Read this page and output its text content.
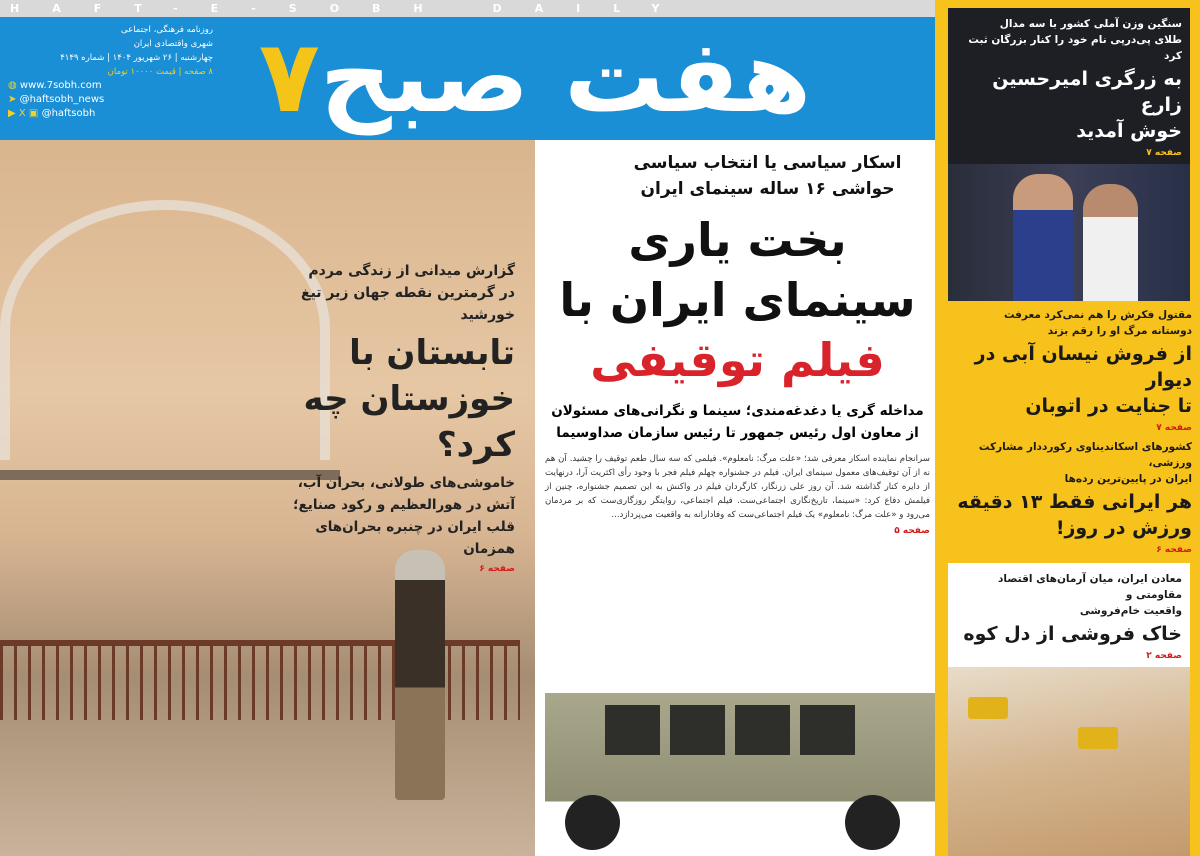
HAFT-E-SOBH DAILY
روزنامه فرهنگی، اجتماعی
شهری واقتصادی ایران
چهارشنبه | ۲۶ شهریور ۱۴۰۴ | شماره ۴۱۴۹
۸ صفحه | قیمت ۱۰۰۰۰ تومان
◍ www.7sobh.com
➤ @haftsobh_news
▶ X ▣ @haftsobh	۷هفت صبح
گزارش میدانی از زندگی مردم
در گرمترین نقطه جهان زیر تیغ خورشید
تابستان با
خوزستان چه کرد؟
خاموشی‌های طولانی، بحران آب،
آتش در هورالعظیم و رکود صنایع؛
قلب ایران در چنبره بحران‌های همزمان
صفحه ۶
اسکار سیاسی یا انتخاب سیاسی
حواشی ۱۶ ساله سینمای ایران
بخت یاری
سینمای ایران با
فیلم توقیفی
مداخله گری یا دغدغه‌مندی؛ سینما و نگرانی‌های مسئولان
از معاون اول رئیس جمهور تا رئیس سازمان صداوسیما
سرانجام نماینده اسکار معرفی شد؛ «علت مرگ: نامعلوم». فیلمی که سه سال طعم توقیف را چشید. آن هم نه از آن توقیف‌های معمول سینمای ایران. فیلم در جشنواره چهلم فیلم فجر با وجود رأی اکثریت آرا، درنهایت از دایره کنار گذاشته شد. آن روز علی زرنگار، کارگردان فیلم در واکنش به این تصمیم جشنواره، چنین از فیلمش دفاع کرد: «سینما، تاریخ‌نگاری اجتماعی‌ست. فیلم اجتماعی، روایتگر روزگاری‌ست که بر مردمان می‌رود و «علت مرگ: نامعلوم» یک فیلم اجتماعی‌ست که وفادارانه به واقعیت می‌پردازد...
صفحه ۵
سنگین وزن آملی کشور با سه مدال
طلای پی‌درپی نام خود را کنار بزرگان ثبت کرد
به زرگری امیرحسین زارع
خوش آمدید
صفحه ۷
مقتول فکرش را هم نمی‌کرد معرفت
دوستانه مرگ او را رقم بزند
از فروش نیسان آبی در دیوار
تا جنایت در اتوبان
صفحه ۷
کشورهای اسکاندیناوی رکورددار مشارکت ورزشی،
ایران در پایین‌ترین رده‌ها
هر ایرانی فقط ۱۳ دقیقه
ورزش در روز!
صفحه ۶
معادن ایران، میان آرمان‌های اقتصاد مقاومتی و
واقعیت خام‌فروشی
خاک فروشی از دل کوه
صفحه ۲
